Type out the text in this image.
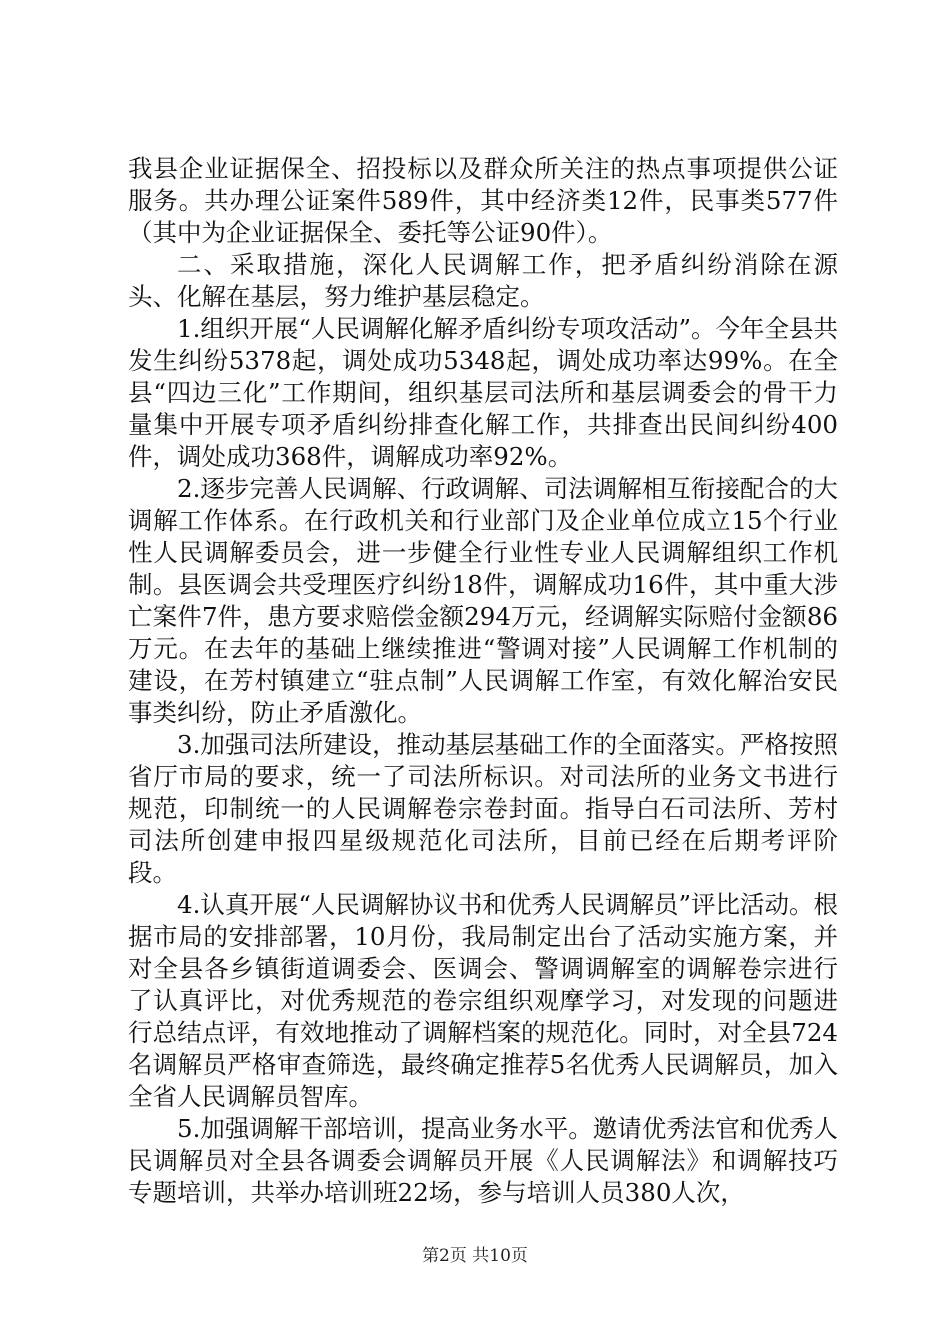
我县企业证据保全、招投标以及群众所关注的热点事项提供公证服务。共办理公证案件589件，其中经济类12件，民事类577件（其中为企业证据保全、委托等公证90件）。

二、采取措施，深化人民调解工作，把矛盾纠纷消除在源头、化解在基层，努力维护基层稳定。

1.组织开展“人民调解化解矛盾纠纷专项攻活动”。今年全县共发生纠纷5378起，调处成功5348起，调处成功率达99%。在全县“四边三化”工作期间，组织基层司法所和基层调委会的骨干力量集中开展专项矛盾纠纷排查化解工作，共排查出民间纠纷400件，调处成功368件，调解成功率92%。

2.逐步完善人民调解、行政调解、司法调解相互衔接配合的大调解工作体系。在行政机关和行业部门及企业单位成立15个行业性人民调解委员会，进一步健全行业性专业人民调解组织工作机制。县医调会共受理医疗纠纷18件，调解成功16件，其中重大涉亡案件7件，患方要求赔偿金额294万元，经调解实际赔付金额86万元。在去年的基础上继续推进“警调对接”人民调解工作机制的建设，在芳村镇建立“驻点制”人民调解工作室，有效化解治安民事类纠纷，防止矛盾激化。

3.加强司法所建设，推动基层基础工作的全面落实。严格按照省厅市局的要求，统一了司法所标识。对司法所的业务文书进行规范，印制统一的人民调解卷宗卷封面。指导白石司法所、芳村司法所创建申报四星级规范化司法所，目前已经在后期考评阶段。

4.认真开展“人民调解协议书和优秀人民调解员”评比活动。根据市局的安排部署，10月份，我局制定出台了活动实施方案，并对全县各乡镇街道调委会、医调会、警调调解室的调解卷宗进行了认真评比，对优秀规范的卷宗组织观摩学习，对发现的问题进行总结点评，有效地推动了调解档案的规范化。同时，对全县724名调解员严格审查筛选，最终确定推荐5名优秀人民调解员，加入全省人民调解员智库。

5.加强调解干部培训，提高业务水平。邀请优秀法官和优秀人民调解员对全县各调委会调解员开展《人民调解法》和调解技巧专题培训，共举办培训班22场，参与培训人员380人次，

第2页 共10页
